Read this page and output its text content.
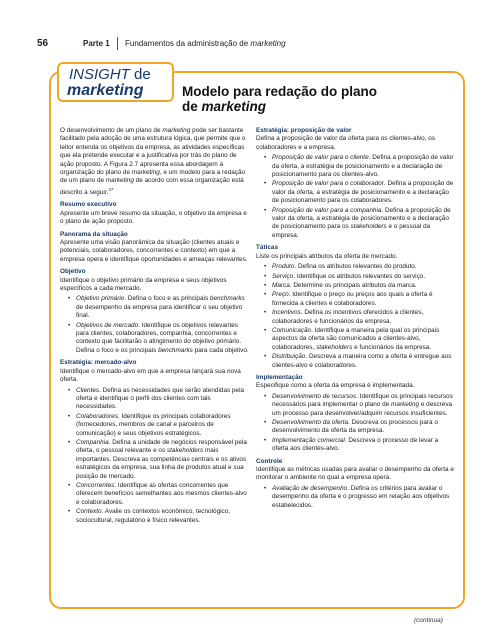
56	Parte 1 Fundamentos da administração de marketing
INSIGHT de
marketing	Modelo para redação do plano
de marketing

O desenvolvimento de um plano de marketing pode ser bastante facilitado pela adoção de uma estrutura lógica, que permite que o leitor entenda os objetivos da empresa, as atividades específicas que ela pretende executar e a justificativa por trás do plano de ação proposto. A Figura 2.7 apresenta essa abordagem à organização do plano de marketing, e um modelo para a redação de um plano de marketing de acordo com essa organização está descrito a seguir.$^{27}$

Resumo executivo

Apresente um breve resumo da situação, o objetivo da empresa e o plano de ação proposto.

Panorama da situação

Apresente uma visão panorâmica da situação (clientes atuais e potenciais, colaboradores, concorrentes e contexto) em que a empresa opera e identifique oportunidades e ameaças relevantes.

Objetivo

Identifique o objetivo primário da empresa e seus objetivos específicos a cada mercado.

• Objetivo primário. Defina o foco e as principais benchmarks de desempenho da empresa para identificar o seu objetivo final.
• Objetivos de mercado. Identifique os objetivos relevantes para clientes, colaboradores, companhia, concorrentes e contexto que facilitarão o atingimento do objetivo primário. Defina o foco e os principais benchmarks para cada objetivo.

Estratégia: mercado-alvo

Identifique o mercado-alvo em que a empresa lançará sua nova oferta.

• Clientes. Defina as necessidades que serão atendidas pela oferta e identifique o perfil dos clientes com tais necessidades.
• Colaboradores. Identifique os principais colaboradores (fornecedores, membros de canal e parceiros de comunicação) e seus objetivos estratégicos.
• Companhia. Defina a unidade de negócios responsável pela oferta, o pessoal relevante e os stakeholders mais importantes. Descreva as competências centrais e os ativos estratégicos da empresa, sua linha de produtos atual e sua posição de mercado.
• Concorrentes. Identifique as ofertas concorrentes que oferecem benefícios semelhantes aos mesmos clientes-alvo e colaboradores.
• Contexto. Avalie os contextos econômico, tecnológico, sociocultural, regulatório e físico relevantes.

Estratégia: proposição de valor

Defina a proposição de valor da oferta para os clientes-alvo, os colaboradores e a empresa.

• Proposição de valor para o cliente. Defina a proposição de valor da oferta, a estratégia de posicionamento e a declaração de posicionamento para os clientes-alvo.
• Proposição de valor para o colaborador. Defina a proposição de valor da oferta, a estratégia de posicionamento e a declaração de posicionamento para os colaboradores.
• Proposição de valor para a companhia. Defina a proposição de valor da oferta, a estratégia de posicionamento e a declaração de posicionamento para os stakeholders e o pessoal da empresa.

Táticas

Liste os principais atributos da oferta de mercado.

• Produto. Defina os atributos relevantes do produto.
• Serviço. Identifique os atributos relevantes do serviço.
• Marca. Determine os principais atributos da marca.
• Preço. Identifique o preço ou preços aos quais a oferta é fornecida a clientes e colaboradores.
• Incentivos. Defina os incentivos oferecidos a clientes, colaboradores e funcionários da empresa.
• Comunicação. Identifique a maneira pela qual os principais aspectos da oferta são comunicados a clientes-alvo, colaboradores, stakeholders e funcionários da empresa.
• Distribuição. Descreva a maneira como a oferta é entregue aos clientes-alvo e colaboradores.

Implementação

Especifique como a oferta da empresa é implementada.

• Desenvolvimento de recursos. Identifique os principais recursos necessários para implementar o plano de marketing e descreva um processo para desenvolver/adquirir recursos insuficientes.
• Desenvolvimento da oferta. Descreva os processos para o desenvolvimento da oferta da empresa.
• Implementação comercial. Descreva o processo de levar a oferta aos clientes-alvo.

Controle

Identifique as métricas usadas para avaliar o desempenho da oferta e monitorar o ambiente no qual a empresa opera.

• Avaliação de desempenho. Defina os critérios para avaliar o desempenho da oferta e o progresso em relação aos objetivos estabelecidos.
(continua)
